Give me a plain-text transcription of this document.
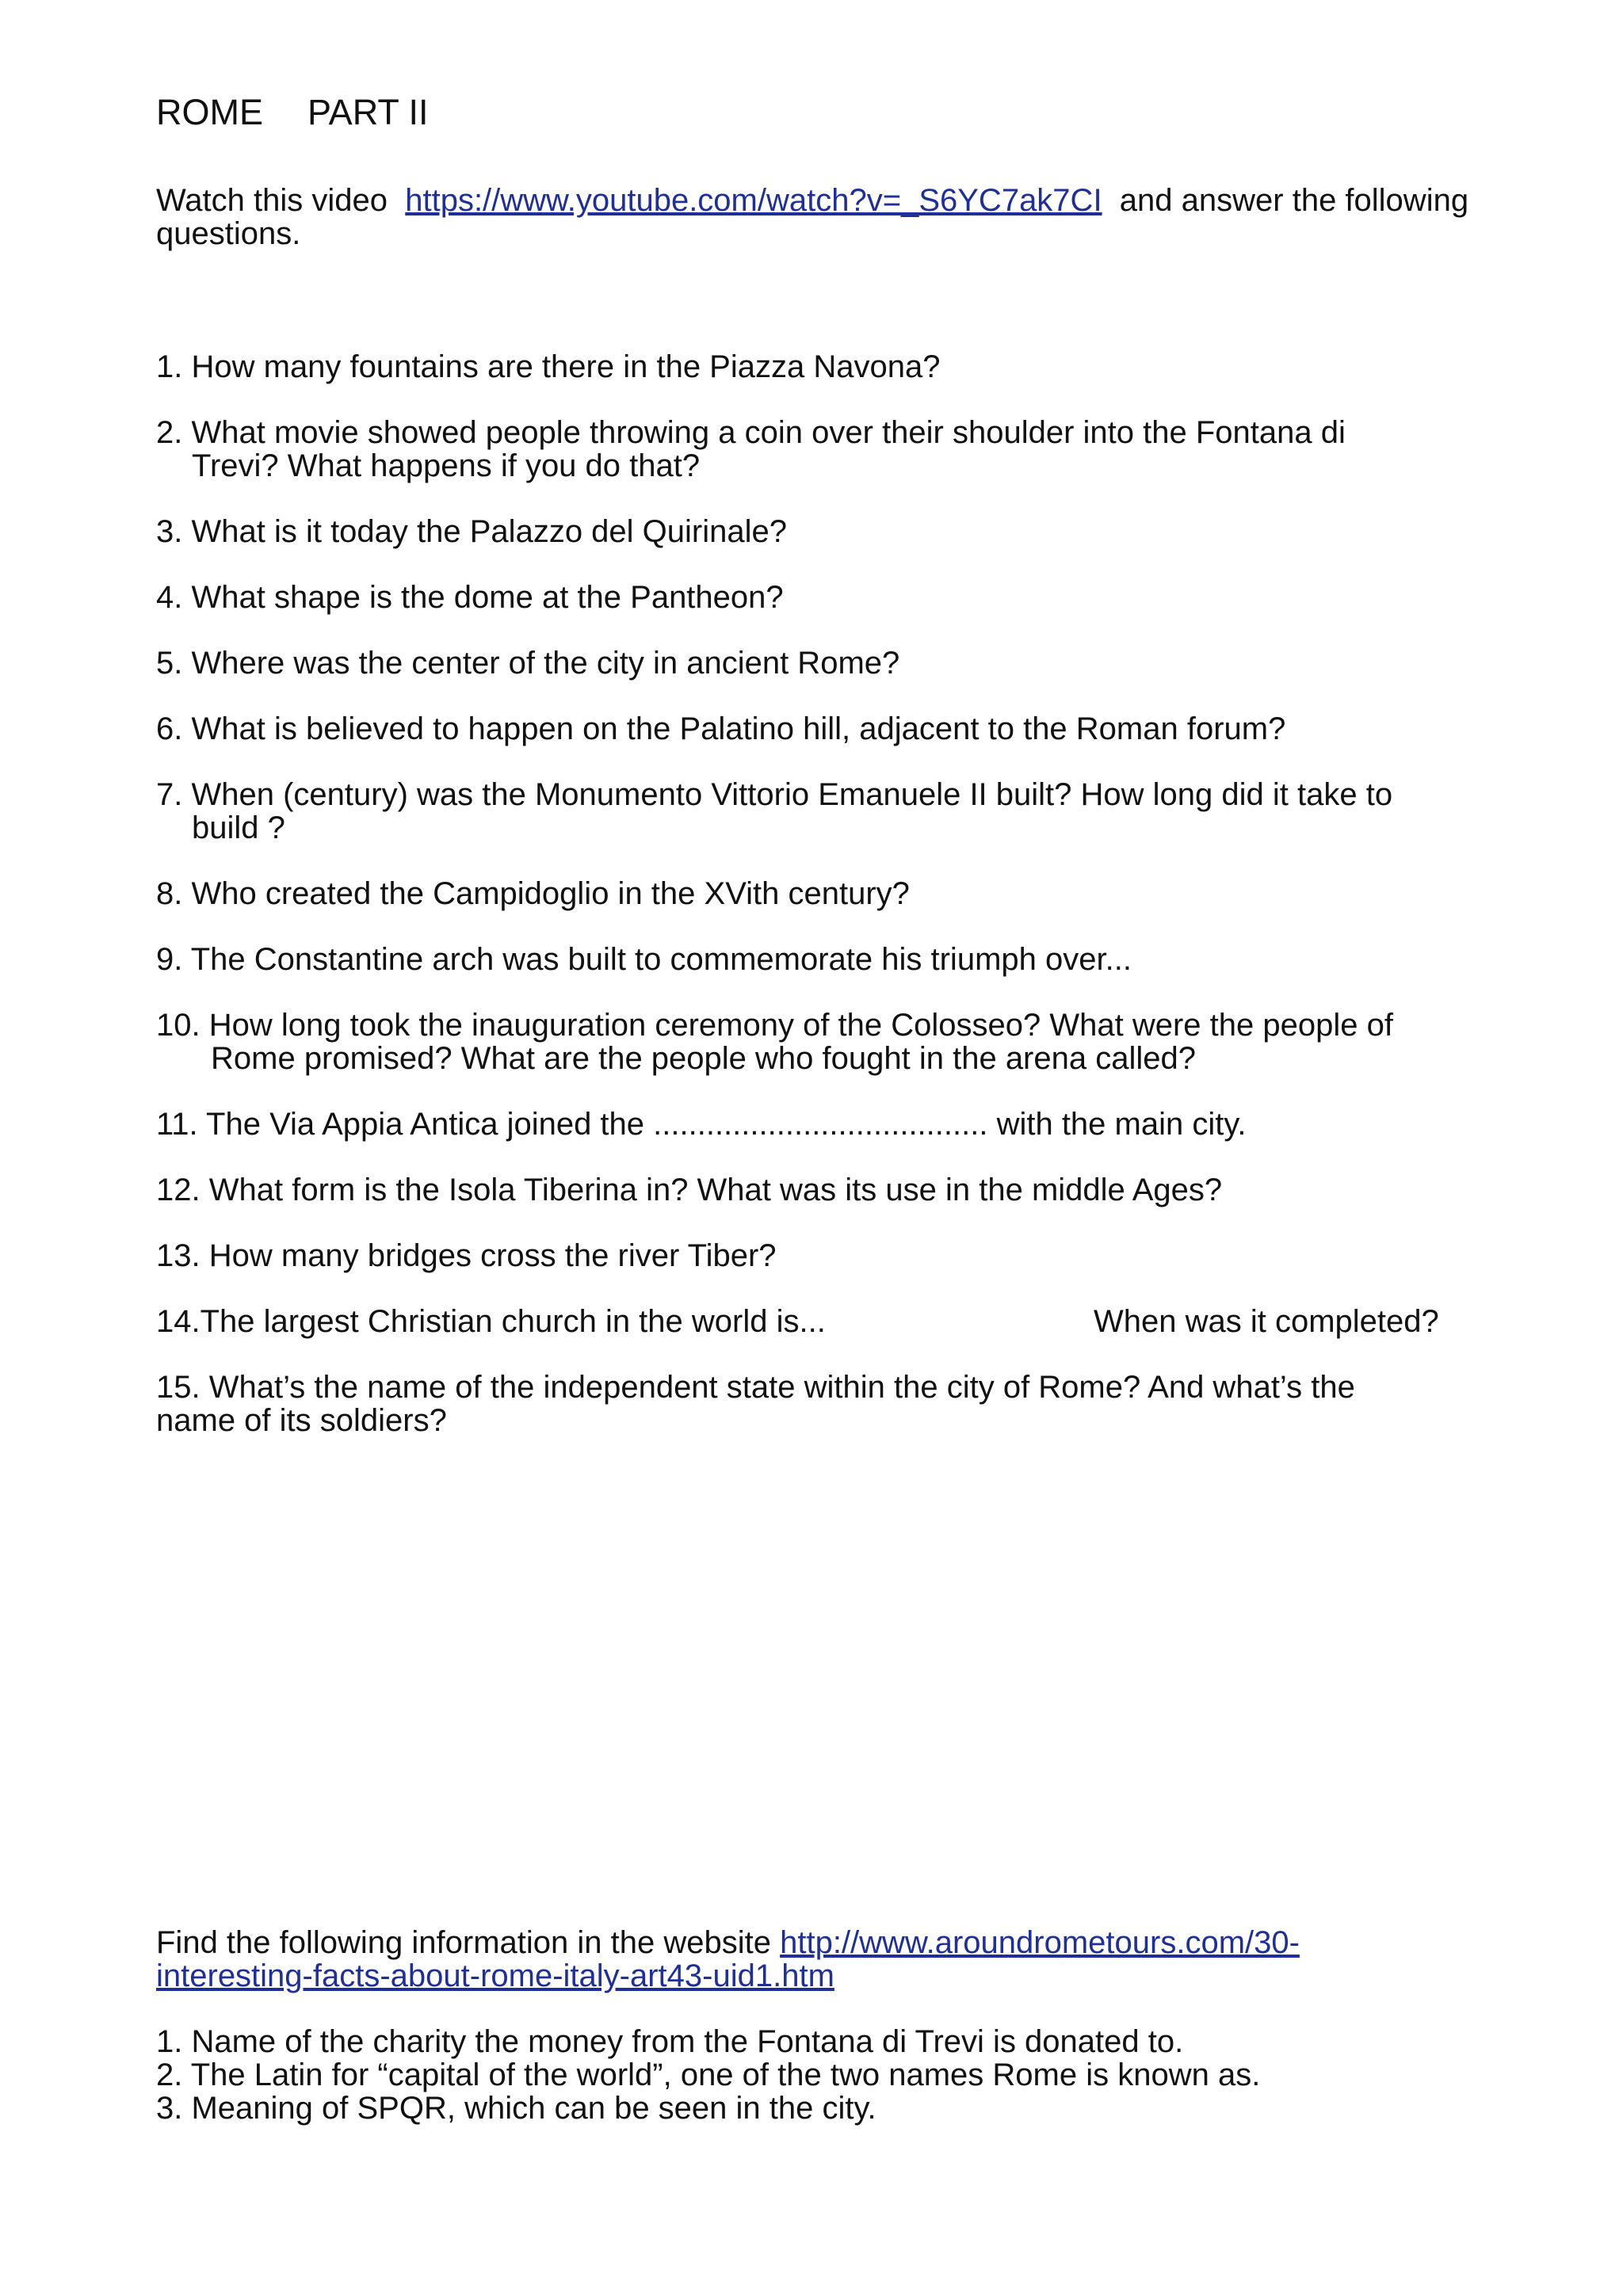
ROME PART II
Watch this video https://www.youtube.com/watch?v=_S6YC7ak7CI and answer the following questions.
1. How many fountains are there in the Piazza Navona?
2. What movie showed people throwing a coin over their shoulder into the Fontana di
Trevi? What happens if you do that?
3. What is it today the Palazzo del Quirinale?
4. What shape is the dome at the Pantheon?
5. Where was the center of the city in ancient Rome?
6. What is believed to happen on the Palatino hill, adjacent to the Roman forum?
7. When (century) was the Monumento Vittorio Emanuele II built? How long did it take to
build ?
8. Who created the Campidoglio in the XVith century?
9. The Constantine arch was built to commemorate his triumph over...
10. How long took the inauguration ceremony of the Colosseo? What were the people of
Rome promised? What are the people who fought in the arena called?
11. The Via Appia Antica joined the ...................................... with the main city.
12. What form is the Isola Tiberina in? What was its use in the middle Ages?
13. How many bridges cross the river Tiber?
14.The largest Christian church in the world is...	When was it completed?
15. What’s the name of the independent state within the city of Rome? And what’s the
name of its soldiers?
Find the following information in the website http://www.aroundrometours.com/30-
interesting-facts-about-rome-italy-art43-uid1.htm
1. Name of the charity the money from the Fontana di Trevi is donated to.
2. The Latin for “capital of the world”, one of the two names Rome is known as.
3. Meaning of SPQR, which can be seen in the city.
